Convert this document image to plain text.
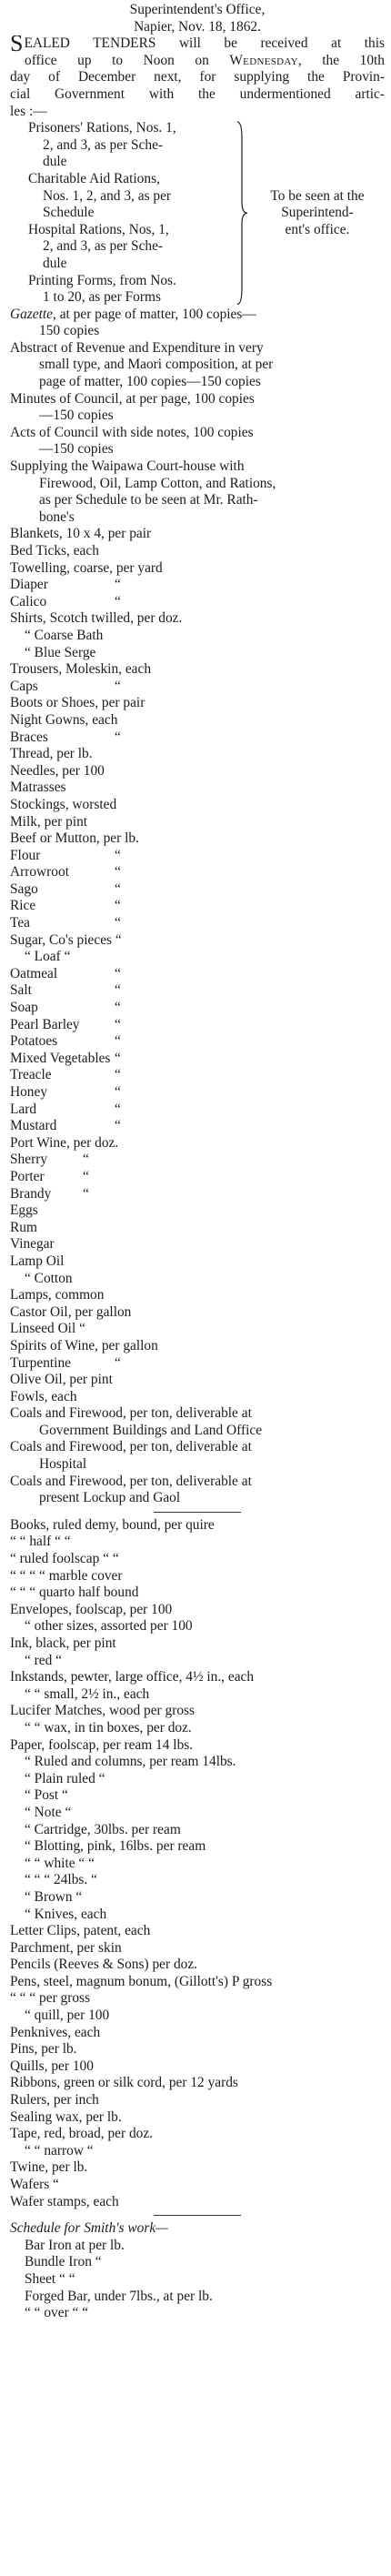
Superintendent's Office,
Napier, Nov. 18, 1862.
SEALED TENDERS will be received at this
office up to Noon on Wednesday, the 10th
day of December next, for supplying the Provin-
cial Government with the undermentioned artic-
les :—
Prisoners' Rations, Nos. 1,
2, and 3, as per Sche-
dule
Charitable Aid Rations,
Nos. 1, 2, and 3, as per
Schedule
Hospital Rations, Nos, 1,
2, and 3, as per Sche-
dule
Printing Forms, from Nos.
1 to 20, as per Forms
To be seen at the
Superintend-
ent's office.
Gazette, at per page of matter, 100 copies—
150 copies
Abstract of Revenue and Expenditure in very
small type, and Maori composition, at per
page of matter, 100 copies—150 copies
Minutes of Council, at per page, 100 copies
—150 copies
Acts of Council with side notes, 100 copies
—150 copies
Supplying the Waipawa Court-house with
Firewood, Oil, Lamp Cotton, and Rations,
as per Schedule to be seen at Mr. Rath-
bone's
Blankets, 10 x 4, per pair
Bed Ticks, each
Towelling, coarse, per yard
Diaper	“
Calico	“
Shirts, Scotch twilled, per doz.
“ Coarse Bath
“ Blue Serge
Trousers, Moleskin, each
Caps	“
Boots or Shoes, per pair
Night Gowns, each
Braces	“
Thread, per lb.
Needles, per 100
Matrasses
Stockings, worsted
Milk, per pint
Beef or Mutton, per lb.
Flour	“
Arrowroot	“
Sago	“
Rice	“
Tea	“
Sugar, Co's pieces “
“ Loaf “
Oatmeal	“
Salt	“
Soap	“
Pearl Barley	“
Potatoes	“
Mixed Vegetables “
Treacle	“
Honey	“
Lard	“
Mustard	“
Port Wine, per doz.
Sherry	“
Porter	“
Brandy “
Eggs
Rum
Vinegar
Lamp Oil
“ Cotton
Lamps, common
Castor Oil, per gallon
Linseed Oil “
Spirits of Wine, per gallon
Turpentine	“
Olive Oil, per pint
Fowls, each
Coals and Firewood, per ton, deliverable at
Government Buildings and Land Office
Coals and Firewood, per ton, deliverable at
Hospital
Coals and Firewood, per ton, deliverable at
present Lockup and Gaol
Books, ruled demy, bound, per quire
“ “ half “ “
“ ruled foolscap “ “
“ “ “ “ marble cover
“ “ “ quarto half bound
Envelopes, foolscap, per 100
“ other sizes, assorted per 100
Ink, black, per pint
“ red “
Inkstands, pewter, large office, 4½ in., each
“ “ small, 2½ in., each
Lucifer Matches, wood per gross
“ “ wax, in tin boxes, per doz.
Paper, foolscap, per ream 14 lbs.
“ Ruled and columns, per ream 14lbs.
“ Plain ruled “
“ Post “
“ Note “
“ Cartridge, 30lbs. per ream
“ Blotting, pink, 16lbs. per ream
“ “ white “ “
“ “ “ 24lbs. “
“ Brown “
“ Knives, each
Letter Clips, patent, each
Parchment, per skin
Pencils (Reeves & Sons) per doz.
Pens, steel, magnum bonum, (Gillott's) P gross
“ “ “ per gross
“ quill, per 100
Penknives, each
Pins, per lb.
Quills, per 100
Ribbons, green or silk cord, per 12 yards
Rulers, per inch
Sealing wax, per lb.
Tape, red, broad, per doz.
“ “ narrow “
Twine, per lb.
Wafers “
Wafer stamps, each
Schedule for Smith's work—
Bar Iron at per lb.
Bundle Iron “
Sheet “ “
Forged Bar, under 7lbs., at per lb.
“ “ over “ “
